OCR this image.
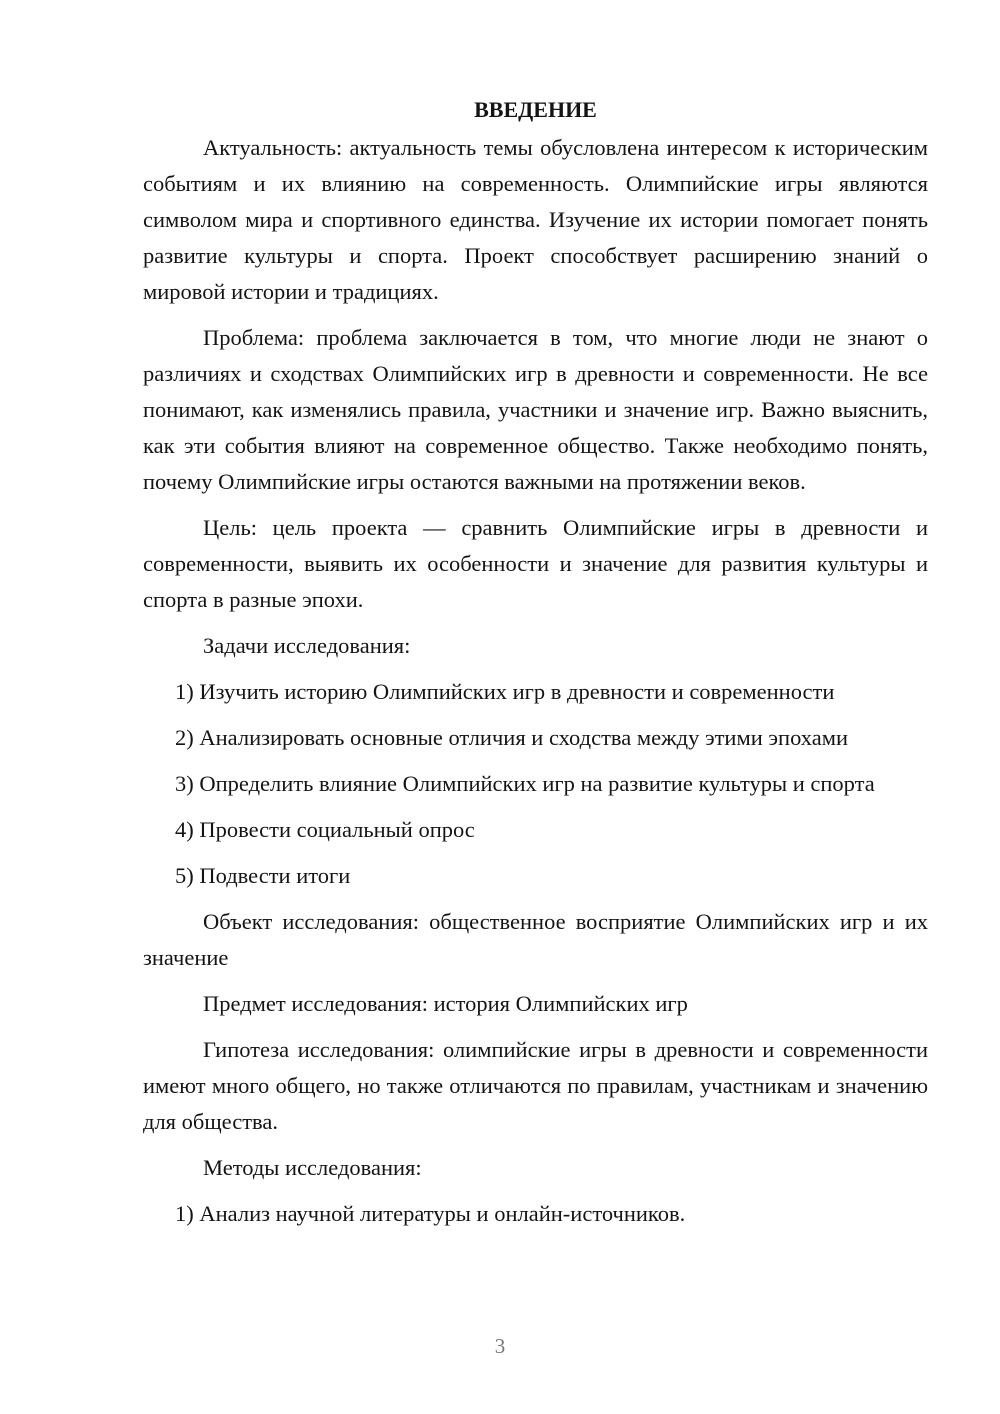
ВВЕДЕНИЕ

Актуальность: актуальность темы обусловлена интересом к историческим событиям и их влиянию на современность. Олимпийские игры являются символом мира и спортивного единства. Изучение их истории помогает понять развитие культуры и спорта. Проект способствует расширению знаний о мировой истории и традициях.

Проблема: проблема заключается в том, что многие люди не знают о различиях и сходствах Олимпийских игр в древности и современности. Не все понимают, как изменялись правила, участники и значение игр. Важно выяснить, как эти события влияют на современное общество. Также необходимо понять, почему Олимпийские игры остаются важными на протяжении веков.

Цель: цель проекта — сравнить Олимпийские игры в древности и современности, выявить их особенности и значение для развития культуры и спорта в разные эпохи.

Задачи исследования:

1) Изучить историю Олимпийских игр в древности и современности

2) Анализировать основные отличия и сходства между этими эпохами

3) Определить влияние Олимпийских игр на развитие культуры и спорта

4) Провести социальный опрос

5) Подвести итоги

Объект исследования: общественное восприятие Олимпийских игр и их значение

Предмет исследования: история Олимпийских игр

Гипотеза исследования: олимпийские игры в древности и современности имеют много общего, но также отличаются по правилам, участникам и значению для общества.

Методы исследования:

1) Анализ научной литературы и онлайн-источников.

3
